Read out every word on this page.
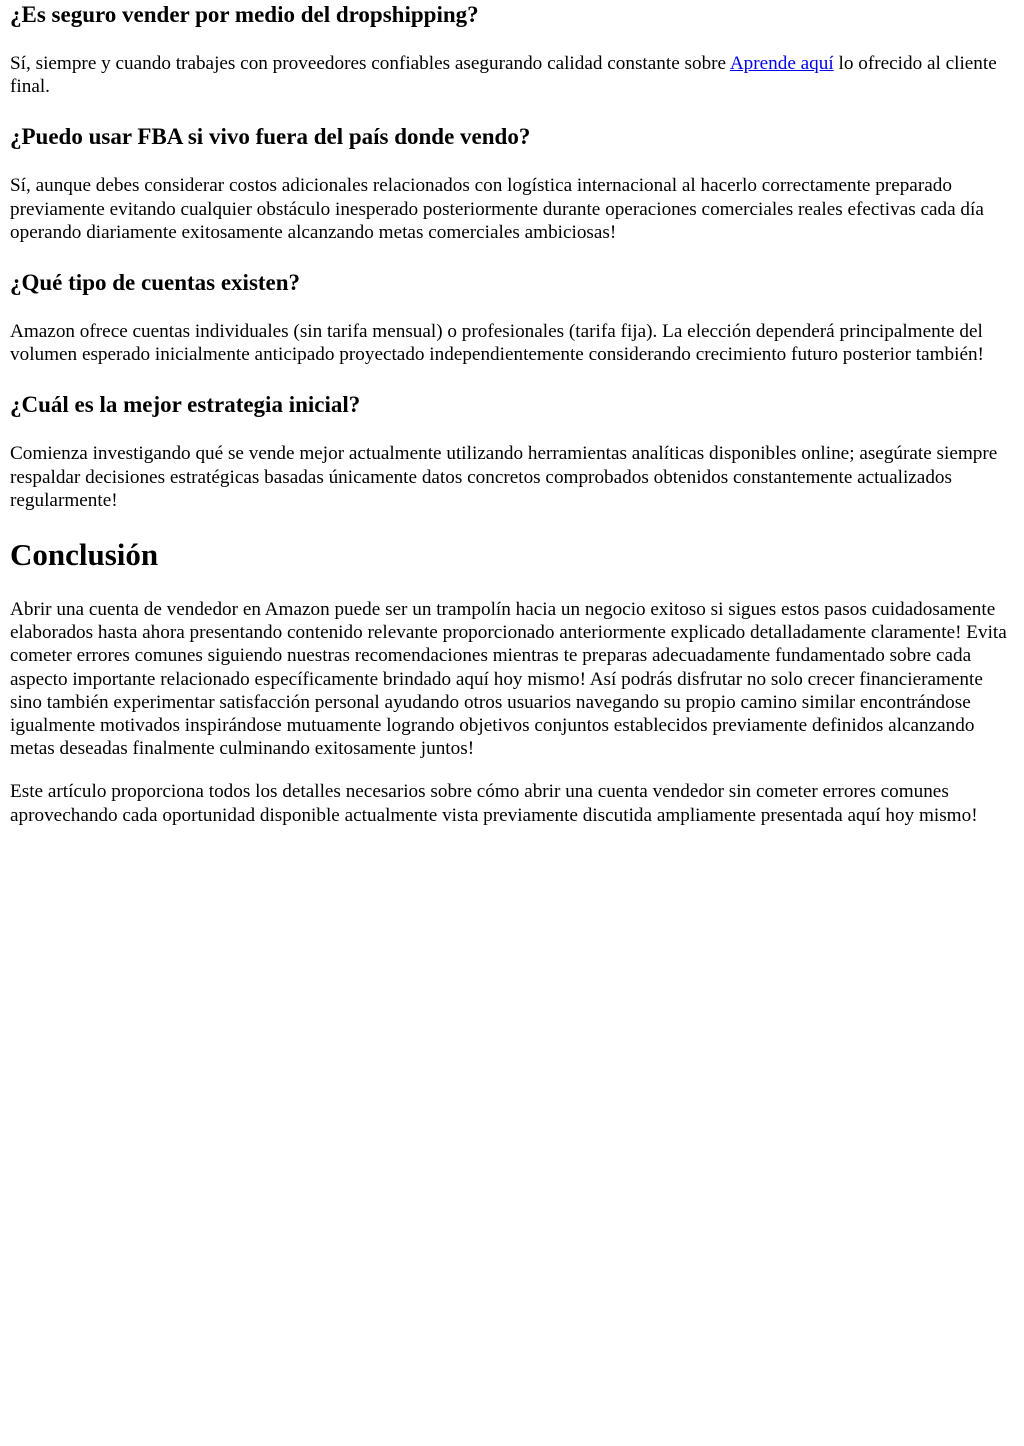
¿Es seguro vender por medio del dropshipping?

Sí, siempre y cuando trabajes con proveedores confiables asegurando calidad constante sobre Aprende aquí lo ofrecido al cliente final.

¿Puedo usar FBA si vivo fuera del país donde vendo?

Sí, aunque debes considerar costos adicionales relacionados con logística internacional al hacerlo correctamente preparado previamente evitando cualquier obstáculo inesperado posteriormente durante operaciones comerciales reales efectivas cada día operando diariamente exitosamente alcanzando metas comerciales ambiciosas!

¿Qué tipo de cuentas existen?

Amazon ofrece cuentas individuales (sin tarifa mensual) o profesionales (tarifa fija). La elección dependerá principalmente del volumen esperado inicialmente anticipado proyectado independientemente considerando crecimiento futuro posterior también!

¿Cuál es la mejor estrategia inicial?

Comienza investigando qué se vende mejor actualmente utilizando herramientas analíticas disponibles online; asegúrate siempre respaldar decisiones estratégicas basadas únicamente datos concretos comprobados obtenidos constantemente actualizados regularmente!

Conclusión

Abrir una cuenta de vendedor en Amazon puede ser un trampolín hacia un negocio exitoso si sigues estos pasos cuidadosamente elaborados hasta ahora presentando contenido relevante proporcionado anteriormente explicado detalladamente claramente! Evita cometer errores comunes siguiendo nuestras recomendaciones mientras te preparas adecuadamente fundamentado sobre cada aspecto importante relacionado específicamente brindado aquí hoy mismo! Así podrás disfrutar no solo crecer financieramente sino también experimentar satisfacción personal ayudando otros usuarios navegando su propio camino similar encontrándose igualmente motivados inspirándose mutuamente logrando objetivos conjuntos establecidos previamente definidos alcanzando metas deseadas finalmente culminando exitosamente juntos!

Este artículo proporciona todos los detalles necesarios sobre cómo abrir una cuenta vendedor sin cometer errores comunes aprovechando cada oportunidad disponible actualmente vista previamente discutida ampliamente presentada aquí hoy mismo!
